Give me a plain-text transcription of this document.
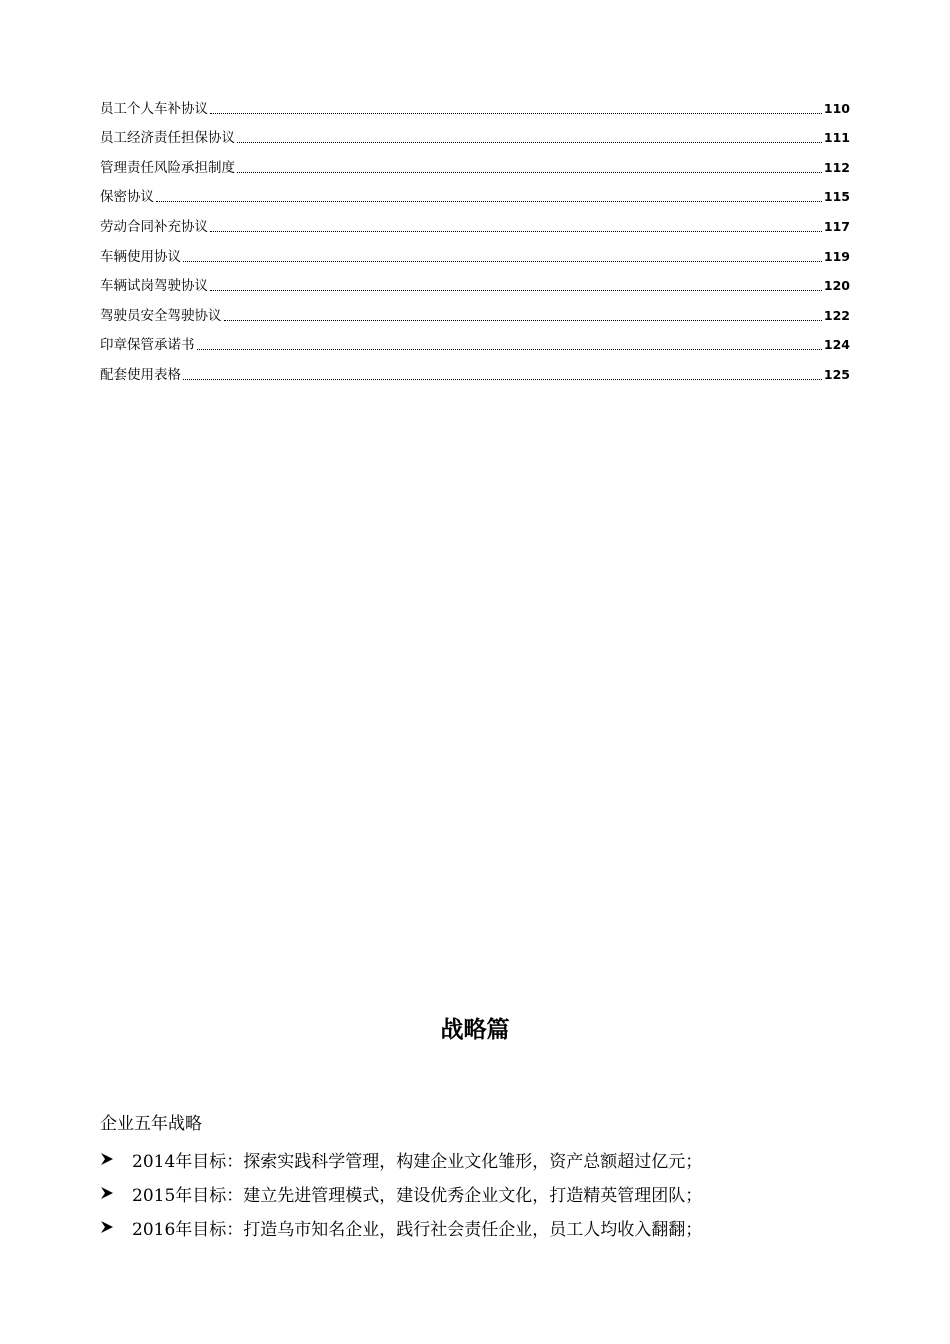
员工个人车补协议	110
员工经济责任担保协议	111
管理责任风险承担制度	112
保密协议	115
劳动合同补充协议	117
车辆使用协议	119
车辆试岗驾驶协议	120
驾驶员安全驾驶协议	122
印章保管承诺书	124
配套使用表格	125
战略篇
企业五年战略
2014年目标：探索实践科学管理，构建企业文化雏形，资产总额超过亿元；
2015年目标：建立先进管理模式，建设优秀企业文化，打造精英管理团队；
2016年目标：打造乌市知名企业，践行社会责任企业，员工人均收入翻翻；
